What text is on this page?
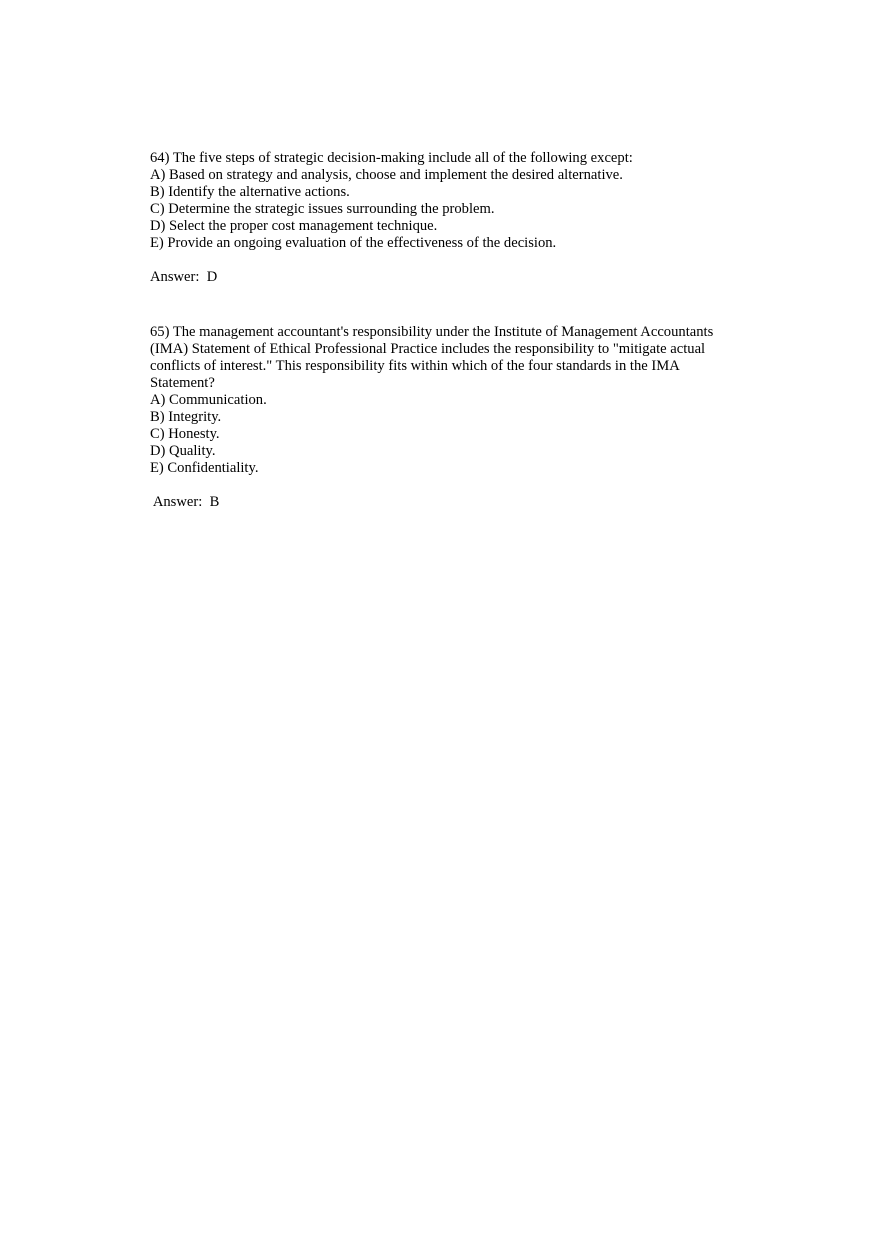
64) The five steps of strategic decision-making include all of the following except:
A) Based on strategy and analysis, choose and implement the desired alternative.
B) Identify the alternative actions.
C) Determine the strategic issues surrounding the problem.
D) Select the proper cost management technique.
E) Provide an ongoing evaluation of the effectiveness of the decision.
Answer:  D
65) The management accountant's responsibility under the Institute of Management Accountants
(IMA) Statement of Ethical Professional Practice includes the responsibility to "mitigate actual
conflicts of interest." This responsibility fits within which of the four standards in the IMA
Statement?
A) Communication.
B) Integrity.
C) Honesty.
D) Quality.
E) Confidentiality.
Answer:  B
